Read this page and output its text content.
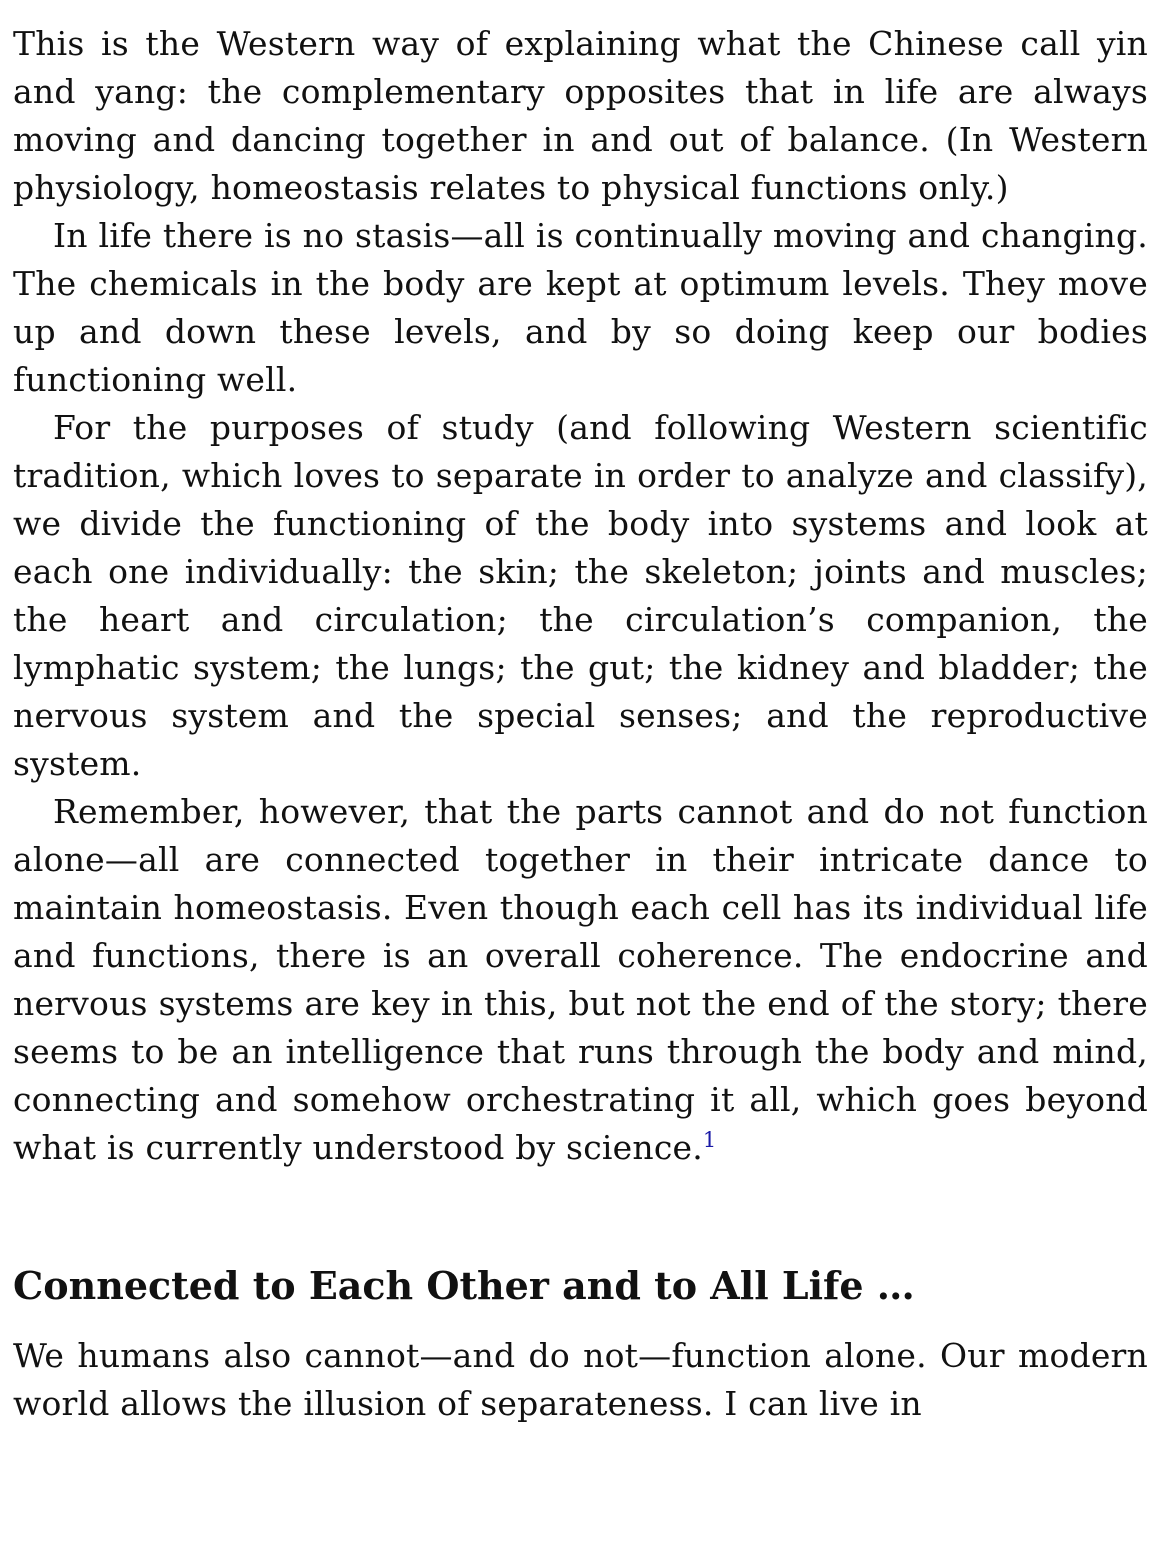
This is the Western way of explaining what the Chinese call yin and yang: the complementary opposites that in life are always moving and dancing together in and out of balance. (In Western physiology, homeostasis relates to physical functions only.)

In life there is no stasis—all is continually moving and changing. The chemicals in the body are kept at optimum levels. They move up and down these levels, and by so doing keep our bodies functioning well.

For the purposes of study (and following Western scientific tradition, which loves to separate in order to analyze and classify), we divide the functioning of the body into systems and look at each one individually: the skin; the skeleton; joints and muscles; the heart and circulation; the circulation’s companion, the lymphatic system; the lungs; the gut; the kidney and bladder; the nervous system and the special senses; and the reproductive system.

Remember, however, that the parts cannot and do not function alone—all are connected together in their intricate dance to maintain homeostasis. Even though each cell has its individual life and functions, there is an overall coherence. The endocrine and nervous systems are key in this, but not the end of the story; there seems to be an intelligence that runs through the body and mind, connecting and somehow orchestrating it all, which goes beyond what is currently understood by science.$^1$

Connected to Each Other and to All Life …

We humans also cannot—and do not—function alone. Our modern world allows the illusion of separateness. I can live in
